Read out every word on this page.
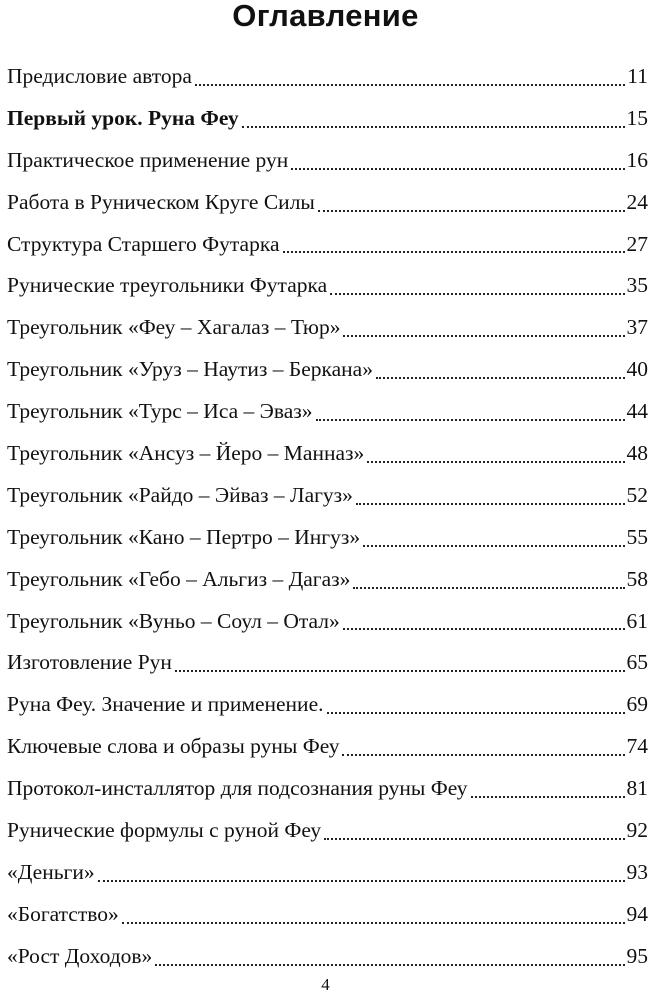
Оглавление
Предисловие автора	11
Первый урок. Руна Феу	15
Практическое применение рун	16
Работа в Руническом Круге Силы	24
Структура Старшего Футарка	27
Рунические треугольники Футарка	35
Треугольник «Феу – Хагалаз – Тюр»	37
Треугольник «Уруз – Наутиз – Беркана»	40
Треугольник «Турс – Иса – Эваз»	44
Треугольник «Ансуз – Йеро – Манназ»	48
Треугольник «Райдо – Эйваз – Лагуз»	52
Треугольник «Кано – Пертро – Ингуз»	55
Треугольник «Гебо – Альгиз – Дагаз»	58
Треугольник «Вуньо – Соул – Отал»	61
Изготовление Рун	65
Руна Феу. Значение и применение.	69
Ключевые слова и образы руны Феу	74
Протокол-инсталлятор для подсознания руны Феу	81
Рунические формулы с руной Феу	92
«Деньги»	93
«Богатство»	94
«Рост Доходов»	95
4
